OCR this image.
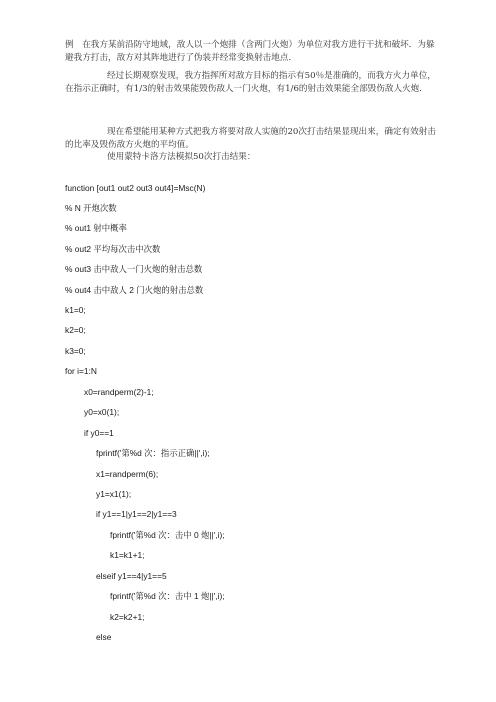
例　在我方某前沿防守地域，敌人以一个炮排（含两门火炮）为单位对我方进行干扰和破坏．为躲避我方打击，敌方对其阵地进行了伪装并经常变换射击地点．

经过长期观察发现，我方指挥所对敌方目标的指示有50％是准确的，而我方火力单位，在指示正确时，有1/3的射击效果能毁伤敌人一门火炮，有1/6的射击效果能全部毁伤敌人火炮．

现在希望能用某种方式把我方将要对敌人实施的20次打击结果显现出来，确定有效射击的比率及毁伤敌方火炮的平均值。

使用蒙特卡洛方法模拟50次打击结果：

function [out1 out2 out3 out4]=Msc(N)
% N 开炮次数
% out1 射中概率
% out2 平均每次击中次数
% out3 击中敌人一门火炮的射击总数
% out4 击中敌人 2 门火炮的射击总数
k1=0;
k2=0;
k3=0;
for i=1:N
x0=randperm(2)-1;
y0=x0(1);
if y0==1
fprintf('第%d 次：指示正确||',i);
x1=randperm(6);
y1=x1(1);
if y1==1|y1==2|y1==3
fprintf('第%d 次：击中 0 炮||',i);
k1=k1+1;
elseif y1==4|y1==5
fprintf('第%d 次：击中 1 炮||',i);
k2=k2+1;
else
